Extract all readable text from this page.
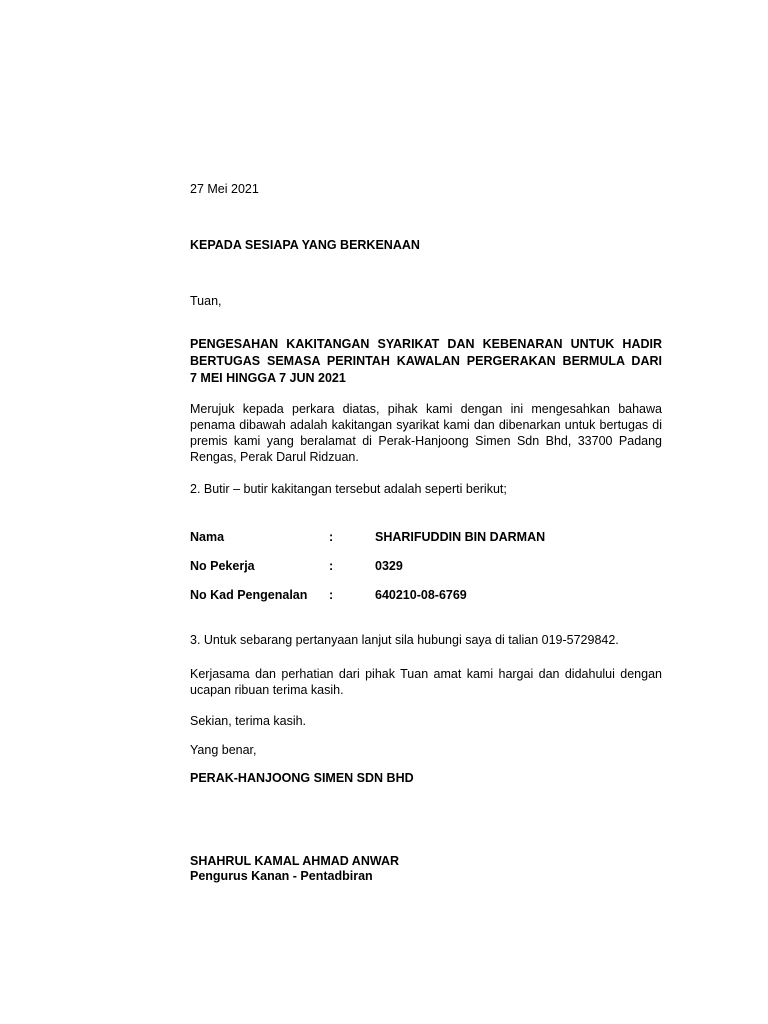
27 Mei 2021
KEPADA SESIAPA YANG BERKENAAN
Tuan,
PENGESAHAN KAKITANGAN SYARIKAT DAN KEBENARAN UNTUK HADIR
BERTUGAS SEMASA PERINTAH KAWALAN PERGERAKAN BERMULA DARI
7 MEI HINGGA 7 JUN 2021
Merujuk kepada perkara diatas, pihak kami dengan ini mengesahkan bahawa penama dibawah adalah kakitangan syarikat kami dan dibenarkan untuk bertugas di premis kami yang beralamat di Perak-Hanjoong Simen Sdn Bhd, 33700 Padang Rengas, Perak Darul Ridzuan.
2. Butir – butir kakitangan tersebut adalah seperti berikut;
Nama	:	SHARIFUDDIN BIN DARMAN
No Pekerja	:	0329
No Kad Pengenalan :	640210-08-6769
3. Untuk sebarang pertanyaan lanjut sila hubungi saya di talian 019-5729842.
Kerjasama dan perhatian dari pihak Tuan amat kami hargai dan didahului dengan ucapan ribuan terima kasih.
Sekian, terima kasih.
Yang benar,
PERAK-HANJOONG SIMEN SDN BHD
SHAHRUL KAMAL AHMAD ANWAR
Pengurus Kanan - Pentadbiran
